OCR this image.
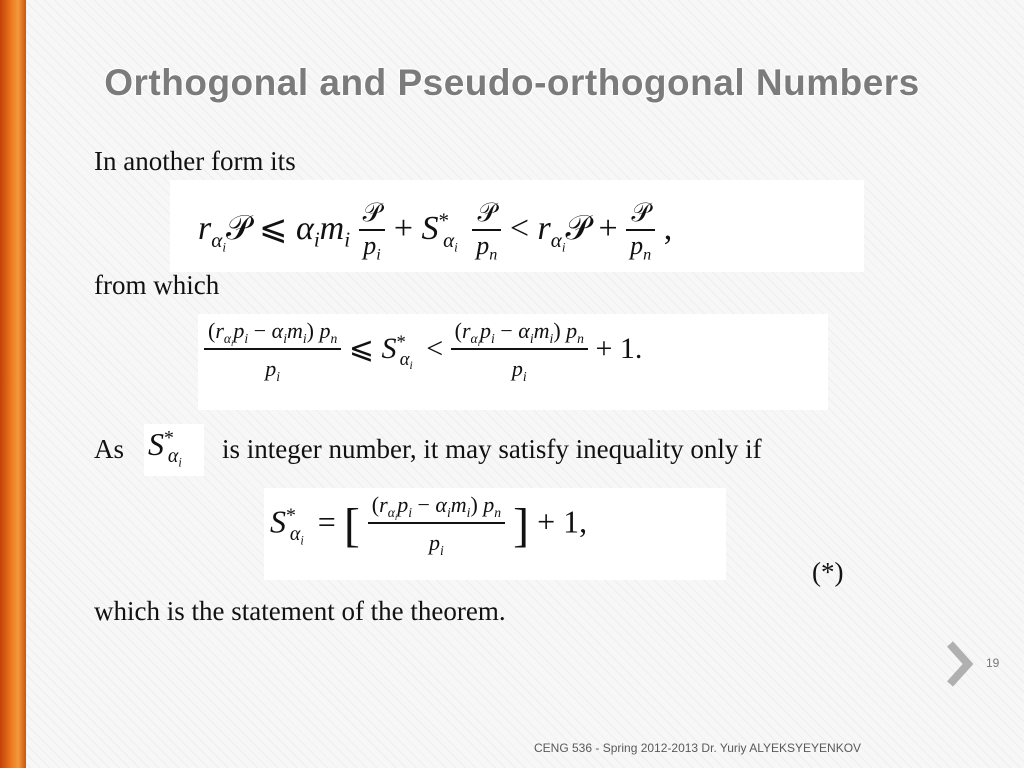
Orthogonal and Pseudo-orthogonal Numbers
In another form its
$r_{\alpha_i}𝒫$ ⩽ $\alpha_im_i \frac{\text{𝒫}}{p_i} + S^*_{\alpha_i} \frac{\text{𝒫}}{p_n}$ < $r_{\alpha_i}𝒫 + \frac{\text{𝒫}}{p_n}$ ,
from which
$\frac{(r_{\alpha_i}p_i - \alpha_im_i) p_n}{p_i}$ ⩽ $S^*_{\alpha_i} < \frac{(r_{\alpha_i}p_i - \alpha_im_i) p_n}{p_i} + 1$.
As $S^*_{\alpha_i}$ is integer number, it may satisfy inequality only if
$S^*_{\alpha_i}$ = [ $\frac{(r_{\alpha_i}p_i - \alpha_im_i) p_n}{p_i}$ ] + 1,
(*)
which is the statement of the theorem.
19
CENG 536 - Spring 2012-2013 Dr. Yuriy ALYEKSYEYENKOV
